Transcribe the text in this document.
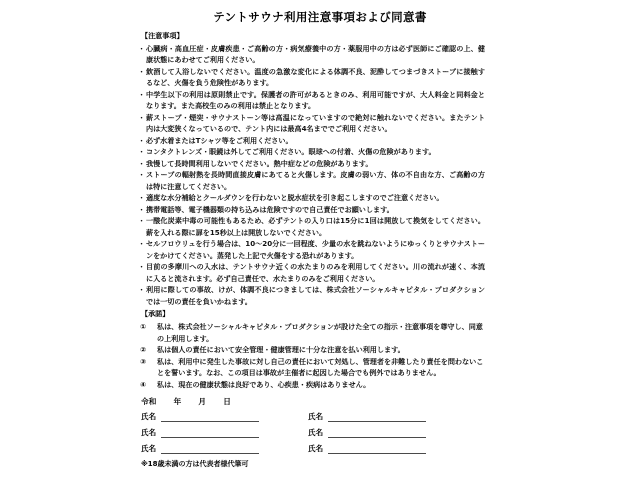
テントサウナ利用注意事項および同意書
【注意事項】
・ 心臓病・高血圧症・皮膚疾患・ご高齢の方・病気療養中の方・薬服用中の方は必ず医師にご確認の上、健康状態にあわせてご利用ください。
・ 飲酒して入浴しないでください。温度の急激な変化による体調不良、泥酔してつまづきストーブに接触するなど、火傷を負う危険性があります。
・ 中学生以下の利用は原則禁止です。保護者の許可があるときのみ、利用可能ですが、大人料金と同料金となります。また高校生のみの利用は禁止となります。
・ 薪ストーブ・煙突・サウナストーン等は高温になっていますので絶対に触れないでください。またテント内は大変狭くなっているので、テント内には最高4名まででご利用ください。
・ 必ず水着またはTシャツ等をご利用ください。
・ コンタクトレンズ・眼鏡は外してご利用ください。眼球への付着、火傷の危険があります。
・ 我慢して長時間利用しないでください。熱中症などの危険があります。
・ ストーブの輻射熱を長時間直接皮膚にあてると火傷します。皮膚の弱い方、体の不自由な方、ご高齢の方は特に注意してください。
・ 適度な水分補給とクールダウンを行わないと脱水症状を引き起こしますのでご注意ください。
・ 携帯電話等、電子機器類の持ち込みは危険ですので自己責任でお願いします。
・ 一酸化炭素中毒の可能性もあるため、必ずテントの入り口は15分に1回は開放して換気をしてください。薪を入れる際に扉を15秒以上は開放しないでください。
・ セルフロウリュを行う場合は、10〜20分に一回程度、少量の水を跳ねないようにゆっくりとサウナストーンをかけてください。蒸発した上記で火傷をする恐れがあります。
・ 目前の多摩川への入水は、テントサウナ近くの水たまりのみを利用してください。川の流れが速く、本流に入ると流されます。必ず自己責任で、水たまりのみをご利用ください。
・ 利用に際しての事故、けが、体調不良につきましては、株式会社ソーシャルキャピタル・プロダクションでは一切の責任を負いかねます。
【承諾】
① 私は、株式会社ソーシャルキャピタル・プロダクションが設けた全ての指示・注意事項を尊守し、同意の上利用します。
② 私は個人の責任において安全管理・健康管理に十分な注意を払い利用します。
③ 私は、利用中に発生した事故に対し自己の責任において対処し、管理者を非難したり責任を問わないことを誓います。なお、この項目は事故が主催者に起因した場合でも例外ではありません。
④ 私は、現在の健康状態は良好であり、心疾患・疾病はありません。
令和 年 月 日
氏名	氏名
氏名	氏名
氏名	氏名
※18歳未満の方は代表者様代筆可
